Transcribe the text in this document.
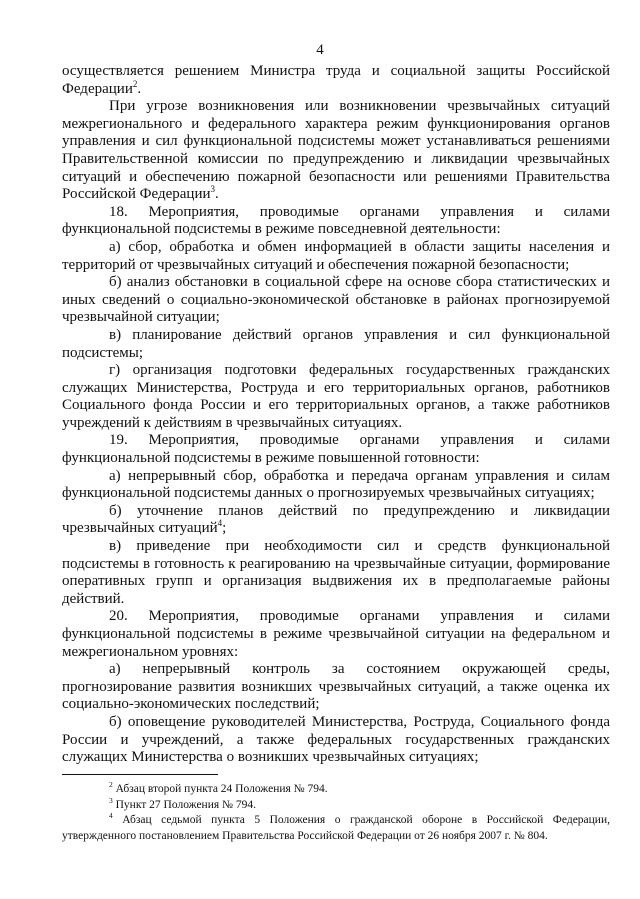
4

осуществляется решением Министра труда и социальной защиты Российской Федерации$^2$.

При угрозе возникновения или возникновении чрезвычайных ситуаций межрегионального и федерального характера режим функционирования органов управления и сил функциональной подсистемы может устанавливаться решениями Правительственной комиссии по предупреждению и ликвидации чрезвычайных ситуаций и обеспечению пожарной безопасности или решениями Правительства Российской Федерации$^3$.

18. Мероприятия, проводимые органами управления и силами функциональной подсистемы в режиме повседневной деятельности:

а) сбор, обработка и обмен информацией в области защиты населения и территорий от чрезвычайных ситуаций и обеспечения пожарной безопасности;

б) анализ обстановки в социальной сфере на основе сбора статистических и иных сведений о социально-экономической обстановке в районах прогнозируемой чрезвычайной ситуации;

в) планирование действий органов управления и сил функциональной подсистемы;

г) организация подготовки федеральных государственных гражданских служащих Министерства, Роструда и его территориальных органов, работников Социального фонда России и его территориальных органов, а также работников учреждений к действиям в чрезвычайных ситуациях.

19. Мероприятия, проводимые органами управления и силами функциональной подсистемы в режиме повышенной готовности:

а) непрерывный сбор, обработка и передача органам управления и силам функциональной подсистемы данных о прогнозируемых чрезвычайных ситуациях;

б) уточнение планов действий по предупреждению и ликвидации чрезвычайных ситуаций$^4$;

в) приведение при необходимости сил и средств функциональной подсистемы в готовность к реагированию на чрезвычайные ситуации, формирование оперативных групп и организация выдвижения их в предполагаемые районы действий.

20. Мероприятия, проводимые органами управления и силами функциональной подсистемы в режиме чрезвычайной ситуации на федеральном и межрегиональном уровнях:

а) непрерывный контроль за состоянием окружающей среды, прогнозирование развития возникших чрезвычайных ситуаций, а также оценка их социально-экономических последствий;

б) оповещение руководителей Министерства, Роструда, Социального фонда России и учреждений, а также федеральных государственных гражданских служащих Министерства о возникших чрезвычайных ситуациях;

$^2$ Абзац второй пункта 24 Положения № 794.

$^3$ Пункт 27 Положения № 794.

$^4$ Абзац седьмой пункта 5 Положения о гражданской обороне в Российской Федерации, утвержденного постановлением Правительства Российской Федерации от 26 ноября 2007 г. № 804.
